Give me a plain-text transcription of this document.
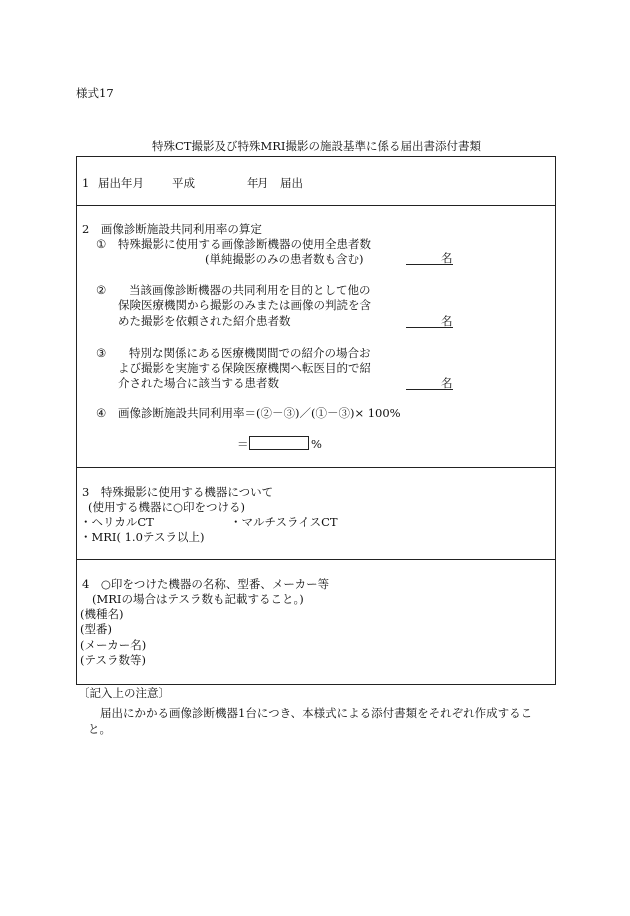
様式17
特殊CT撮影及び特殊MRI撮影の施設基準に係る届出書添付書類
1 届出年月 平成	年
月 届出
2　画像診断施設共同利用率の算定
① 特殊撮影に使用する画像診断機器の使用全患者数
(単純撮影のみの患者数も含む)	名
② 当該画像診断機器の共同利用を目的として他の
保険医療機関から撮影のみまたは画像の判読を含
めた撮影を依頼された紹介患者数	名
③ 特別な関係にある医療機関間での紹介の場合お
よび撮影を実施する保険医療機関へ転医目的で紹
介された場合に該当する患者数	名
④ 画像診断施設共同利用率＝(②－③)／(①－③)× 100%
＝	%
3　特殊撮影に使用する機器について
(使用する機器に○印をつける)
・ヘリカルCT	・マルチスライスCT
・MRI( 1.0テスラ以上)
4　○印をつけた機器の名称、型番、メーカー等
(MRIの場合はテスラ数も記載すること。)
(機種名)
(型番)
(メーカー名)
(テスラ数等)
〔記入上の注意〕
届出にかかる画像診断機器1台につき、本様式による添付書類をそれぞれ作成するこ
と。
